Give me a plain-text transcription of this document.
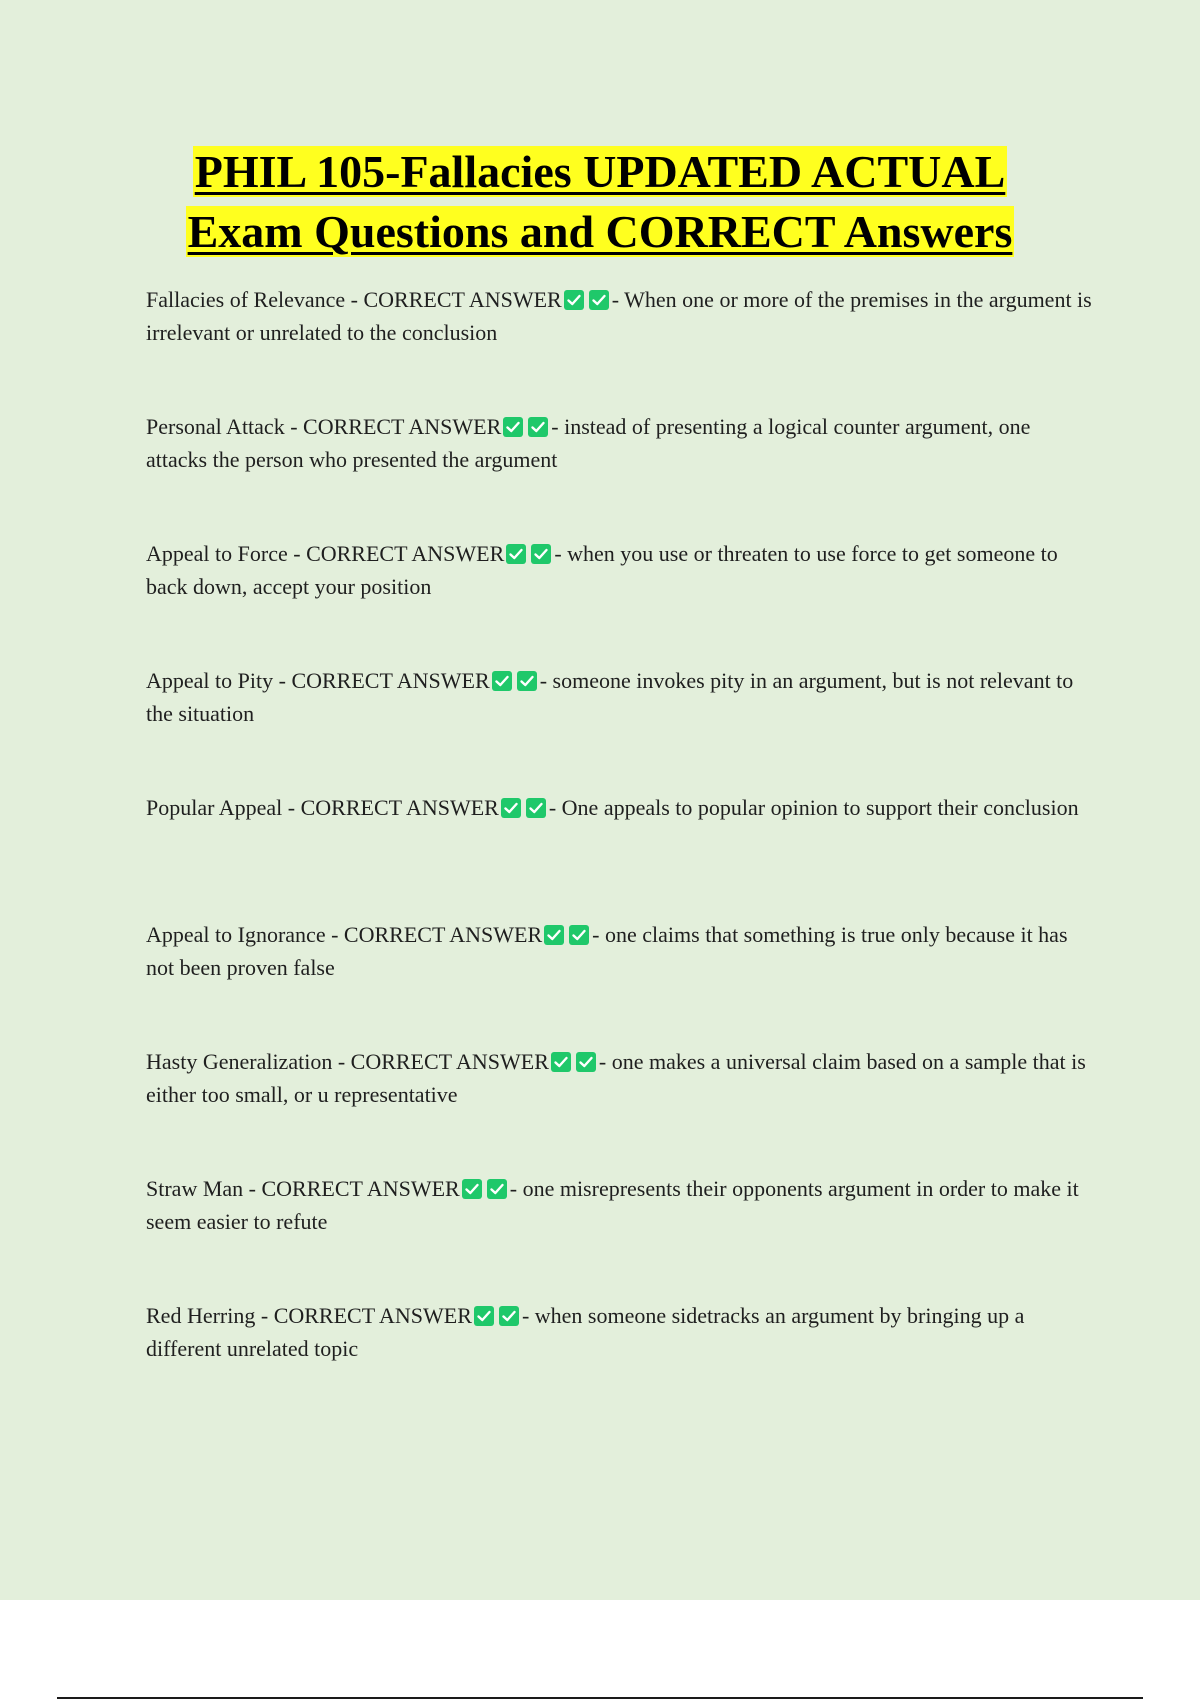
PHIL 105-Fallacies UPDATED ACTUAL
Exam Questions and CORRECT Answers
Fallacies of Relevance - CORRECT ANSWER - When one or more of the premises in the argument is irrelevant or unrelated to the conclusion
Personal Attack - CORRECT ANSWER - instead of presenting a logical counter argument, one attacks the person who presented the argument
Appeal to Force - CORRECT ANSWER - when you use or threaten to use force to get someone to back down, accept your position
Appeal to Pity - CORRECT ANSWER - someone invokes pity in an argument, but is not relevant to the situation
Popular Appeal - CORRECT ANSWER - One appeals to popular opinion to support their conclusion
Appeal to Ignorance - CORRECT ANSWER - one claims that something is true only because it has not been proven false
Hasty Generalization - CORRECT ANSWER - one makes a universal claim based on a sample that is either too small, or u representative
Straw Man - CORRECT ANSWER - one misrepresents their opponents argument in order to make it seem easier to refute
Red Herring - CORRECT ANSWER - when someone sidetracks an argument by bringing up a different unrelated topic
